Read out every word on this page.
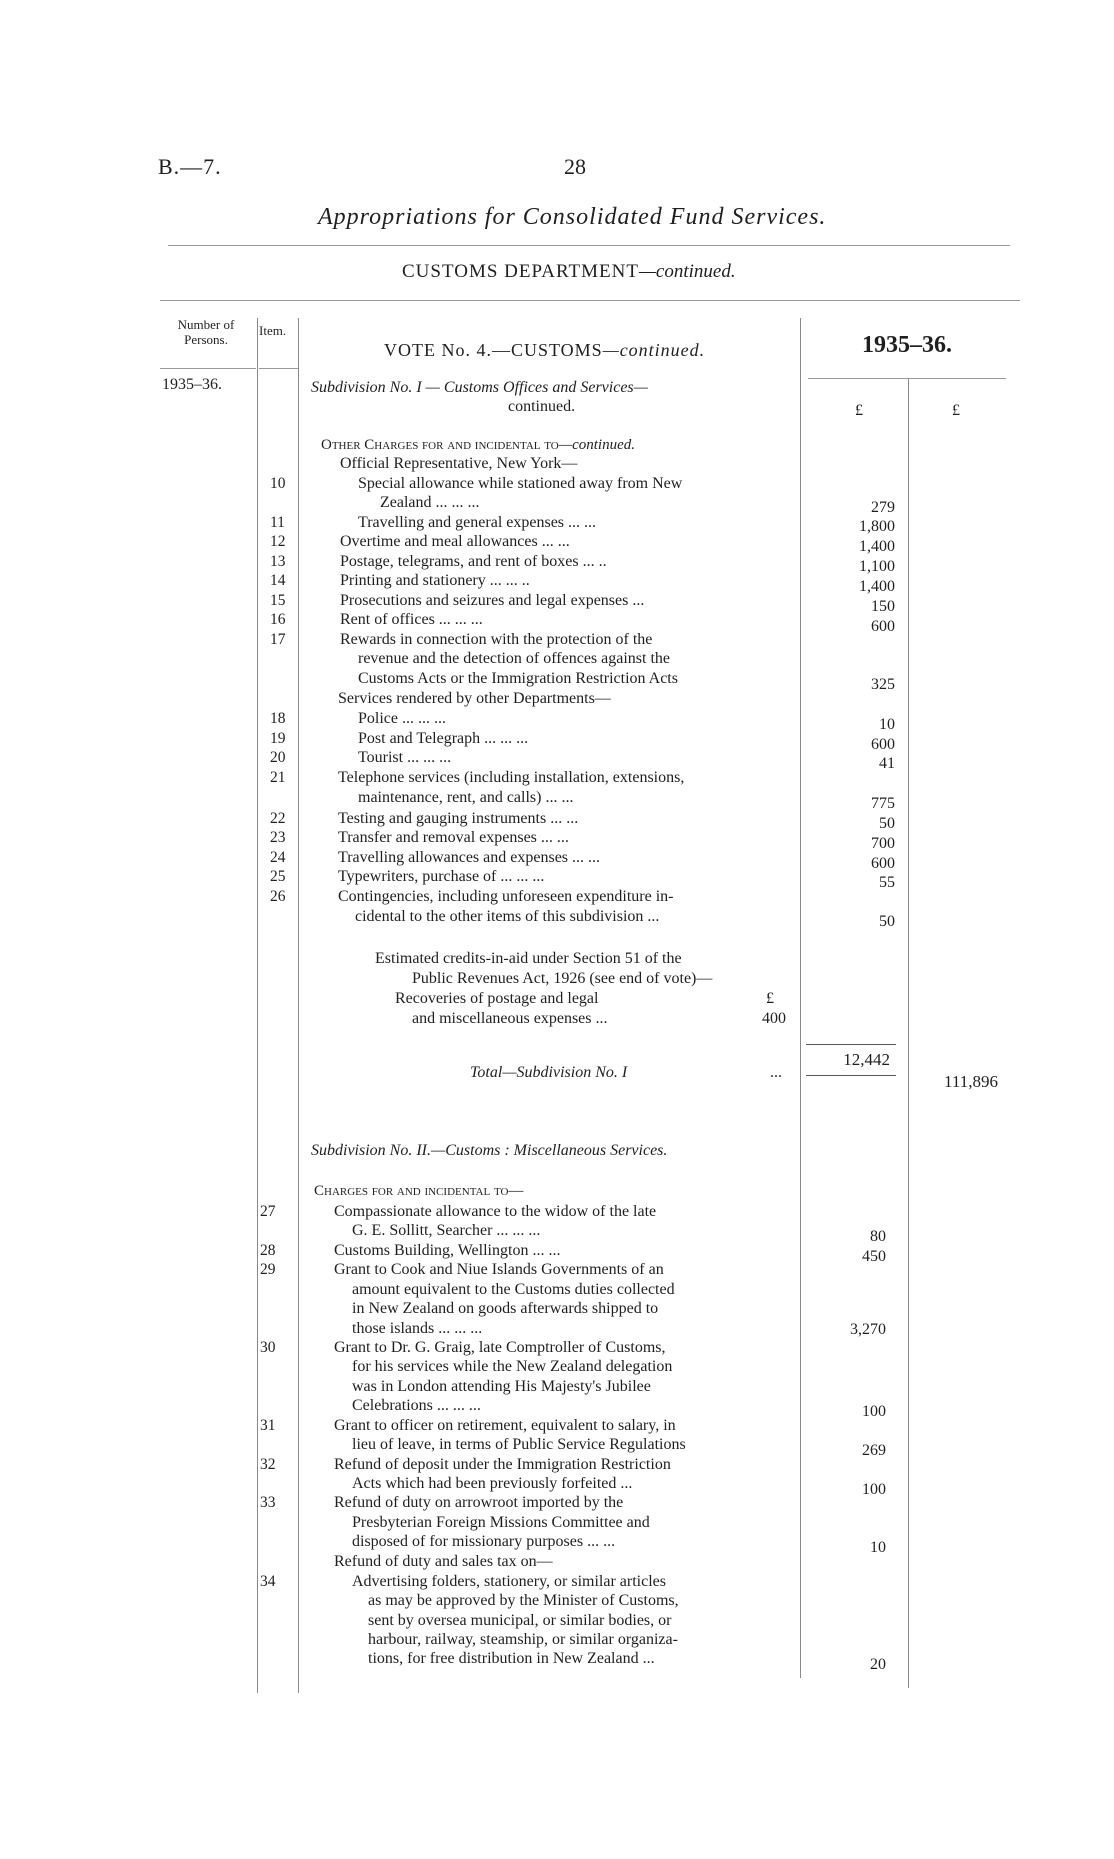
B.—7.	28
Appropriations for Consolidated Fund Services.
CUSTOMS DEPARTMENT—continued.
Number of Persons.
Item.
VOTE No. 4.—CUSTOMS—continued.	1935–36.
1935–36.	Subdivision No. I — Customs Offices and Services—
continued.	£	£
Other Charges for and incidental to—continued.
Official Representative, New York—
10	Special allowance while stationed away from New
Zealand ... ... ...	279
11	Travelling and general expenses ... ...	1,800
12	Overtime and meal allowances ... ...	1,400
13	Postage, telegrams, and rent of boxes ... ..	1,100
14	Printing and stationery ... ... ..	1,400
15	Prosecutions and seizures and legal expenses ...	150
16	Rent of offices ... ... ...	600
17	Rewards in connection with the protection of the
revenue and the detection of offences against the
Customs Acts or the Immigration Restriction Acts	325
Services rendered by other Departments—
18	Police ... ... ...	10
19	Post and Telegraph ... ... ...	600
20	Tourist ... ... ...	41
21	Telephone services (including installation, extensions,
maintenance, rent, and calls) ... ...	775
22	Testing and gauging instruments ... ...	50
23	Transfer and removal expenses ... ...	700
24	Travelling allowances and expenses ... ...	600
25	Typewriters, purchase of ... ... ...	55
26	Contingencies, including unforeseen expenditure in-
cidental to the other items of this subdivision ...	50
Estimated credits-in-aid under Section 51 of the
Public Revenues Act, 1926 (see end of vote)—
Recoveries of postage and legal	£
and miscellaneous expenses ...	400
12,442
Total—Subdivision No. I	...	111,896
Subdivision No. II.—Customs : Miscellaneous Services.
Charges for and incidental to—
27	Compassionate allowance to the widow of the late
G. E. Sollitt, Searcher ... ... ...	80
28	Customs Building, Wellington ... ...	450
29	Grant to Cook and Niue Islands Governments of an
amount equivalent to the Customs duties collected
in New Zealand on goods afterwards shipped to
those islands ... ... ...	3,270
30	Grant to Dr. G. Graig, late Comptroller of Customs,
for his services while the New Zealand delegation
was in London attending His Majesty's Jubilee
Celebrations ... ... ...	100
31	Grant to officer on retirement, equivalent to salary, in
lieu of leave, in terms of Public Service Regulations	269
32	Refund of deposit under the Immigration Restriction
Acts which had been previously forfeited ...	100
33	Refund of duty on arrowroot imported by the
Presbyterian Foreign Missions Committee and
disposed of for missionary purposes ... ...	10
Refund of duty and sales tax on—
34	Advertising folders, stationery, or similar articles
as may be approved by the Minister of Customs,
sent by oversea municipal, or similar bodies, or
harbour, railway, steamship, or similar organiza-
tions, for free distribution in New Zealand ...	20
